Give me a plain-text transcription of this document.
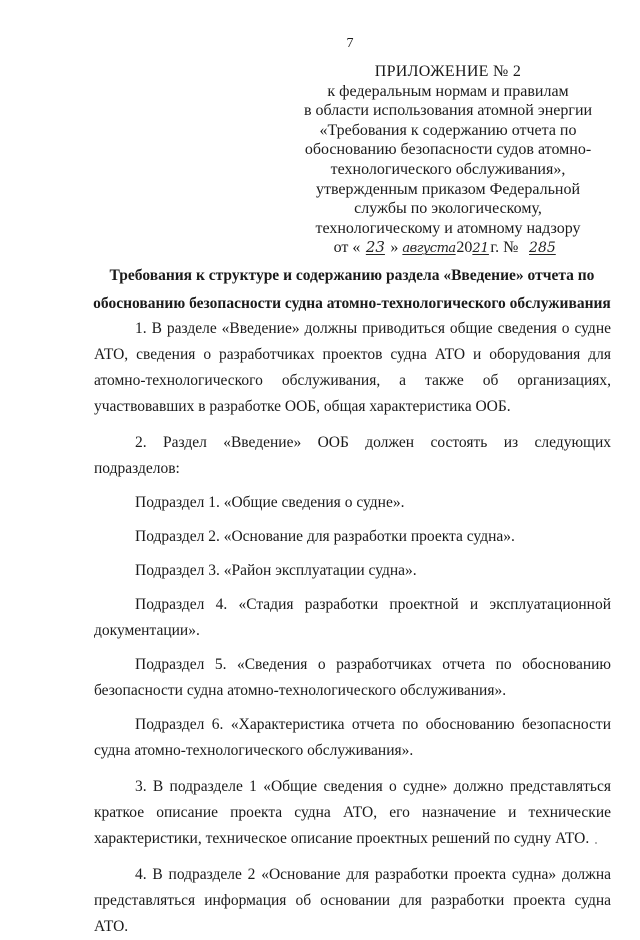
7
ПРИЛОЖЕНИЕ № 2
к федеральным нормам и правилам
в области использования атомной энергии
«Требования к содержанию отчета по
обоснованию безопасности судов атомно-
технологического обслуживания»,
утвержденным приказом Федеральной
службы по экологическому,
технологическому и атомному надзору
от « 23 » августа 2021 г. № 285
Требования к структуре и содержанию раздела «Введение» отчета по
обоснованию безопасности судна атомно-технологического обслуживания

1. В разделе «Введение» должны приводиться общие сведения о судне АТО, сведения о разработчиках проектов судна АТО и оборудования для атомно-технологического обслуживания, а также об организациях, участвовавших в разработке ООБ, общая характеристика ООБ.

2. Раздел «Введение» ООБ должен состоять из следующих подразделов:

Подраздел 1. «Общие сведения о судне».

Подраздел 2. «Основание для разработки проекта судна».

Подраздел 3. «Район эксплуатации судна».

Подраздел 4. «Стадия разработки проектной и эксплуатационной документации».

Подраздел 5. «Сведения о разработчиках отчета по обоснованию безопасности судна атомно-технологического обслуживания».

Подраздел 6. «Характеристика отчета по обоснованию безопасности судна атомно-технологического обслуживания».

3. В подразделе 1 «Общие сведения о судне» должно представляться краткое описание проекта судна АТО, его назначение и технические характеристики, техническое описание проектных решений по судну АТО.

4. В подразделе 2 «Основание для разработки проекта судна» должна представляться информация об основании для разработки проекта судна АТО.
